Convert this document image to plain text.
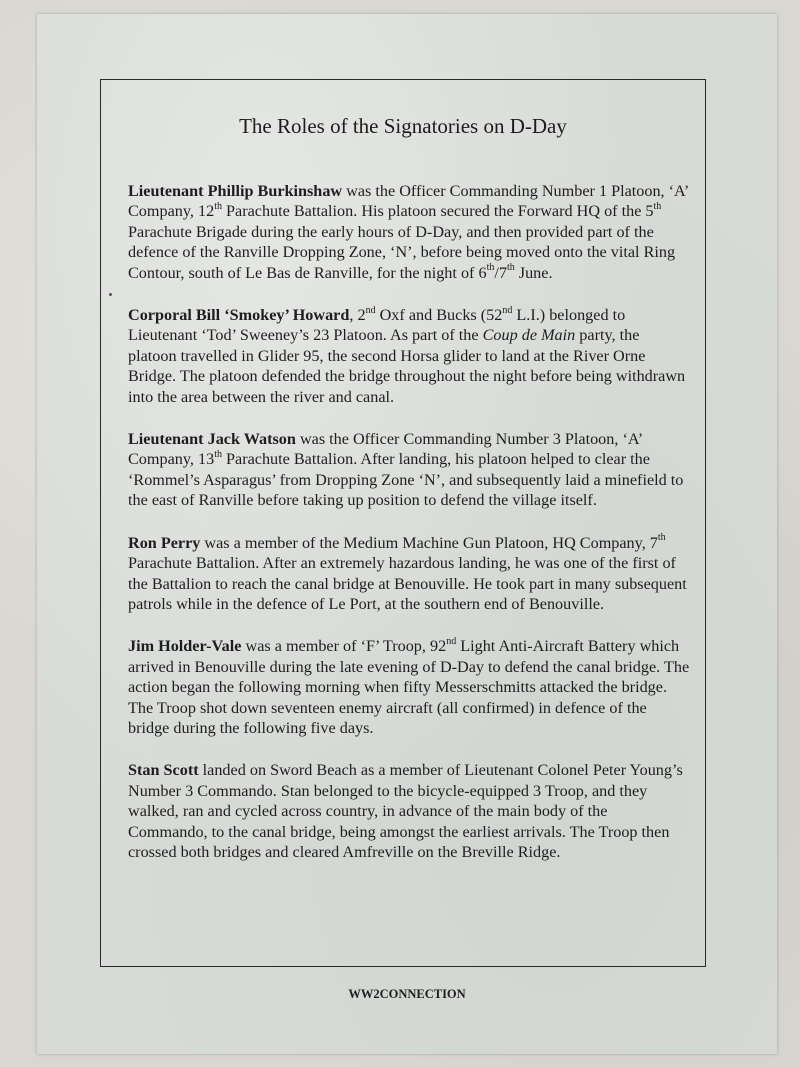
The Roles of the Signatories on D-Day

Lieutenant Phillip Burkinshaw was the Officer Commanding Number 1 Platoon, ‘A’ Company, 12th Parachute Battalion. His platoon secured the Forward HQ of the 5th Parachute Brigade during the early hours of D-Day, and then provided part of the defence of the Ranville Dropping Zone, ‘N’, before being moved onto the vital Ring Contour, south of Le Bas de Ranville, for the night of 6th/7th June.

Corporal Bill ‘Smokey’ Howard, 2nd Oxf and Bucks (52nd L.I.) belonged to Lieutenant ‘Tod’ Sweeney’s 23 Platoon. As part of the Coup de Main party, the platoon travelled in Glider 95, the second Horsa glider to land at the River Orne Bridge. The platoon defended the bridge throughout the night before being withdrawn into the area between the river and canal.

Lieutenant Jack Watson was the Officer Commanding Number 3 Platoon, ‘A’ Company, 13th Parachute Battalion. After landing, his platoon helped to clear the ‘Rommel’s Asparagus’ from Dropping Zone ‘N’, and subsequently laid a minefield to the east of Ranville before taking up position to defend the village itself.

Ron Perry was a member of the Medium Machine Gun Platoon, HQ Company, 7th Parachute Battalion. After an extremely hazardous landing, he was one of the first of the Battalion to reach the canal bridge at Benouville. He took part in many subsequent patrols while in the defence of Le Port, at the southern end of Benouville.

Jim Holder-Vale was a member of ‘F’ Troop, 92nd Light Anti-Aircraft Battery which arrived in Benouville during the late evening of D-Day to defend the canal bridge. The action began the following morning when fifty Messerschmitts attacked the bridge. The Troop shot down seventeen enemy aircraft (all confirmed) in defence of the bridge during the following five days.

Stan Scott landed on Sword Beach as a member of Lieutenant Colonel Peter Young’s Number 3 Commando. Stan belonged to the bicycle-equipped 3 Troop, and they walked, ran and cycled across country, in advance of the main body of the Commando, to the canal bridge, being amongst the earliest arrivals. The Troop then crossed both bridges and cleared Amfreville on the Breville Ridge.

WW2CONNECTION
